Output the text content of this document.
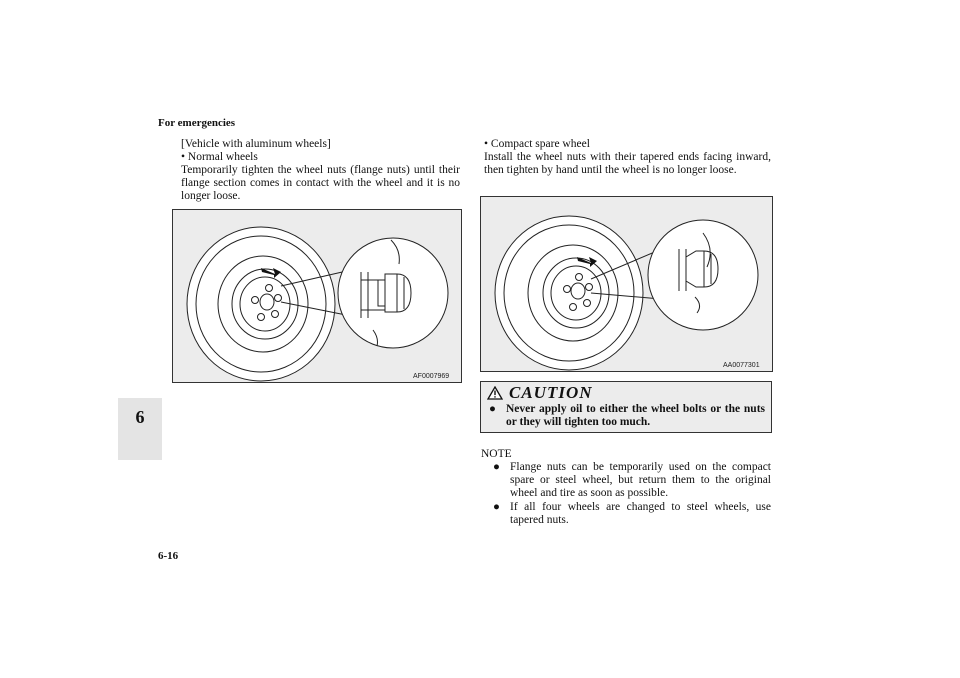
For emergencies
6
6-16
[Vehicle with aluminum wheels]
• Normal wheels
Temporarily tighten the wheel nuts (flange nuts) until their flange section comes in contact with the wheel and it is no longer loose.
AF0007969
• Compact spare wheel
Install the wheel nuts with their tapered ends facing inward, then tighten by hand until the wheel is no longer loose.
AA0077301
CAUTION
● Never apply oil to either the wheel bolts or the nuts or they will tighten too much.
NOTE
● Flange nuts can be temporarily used on the compact spare or steel wheel, but return them to the original wheel and tire as soon as possible.
● If all four wheels are changed to steel wheels, use tapered nuts.
